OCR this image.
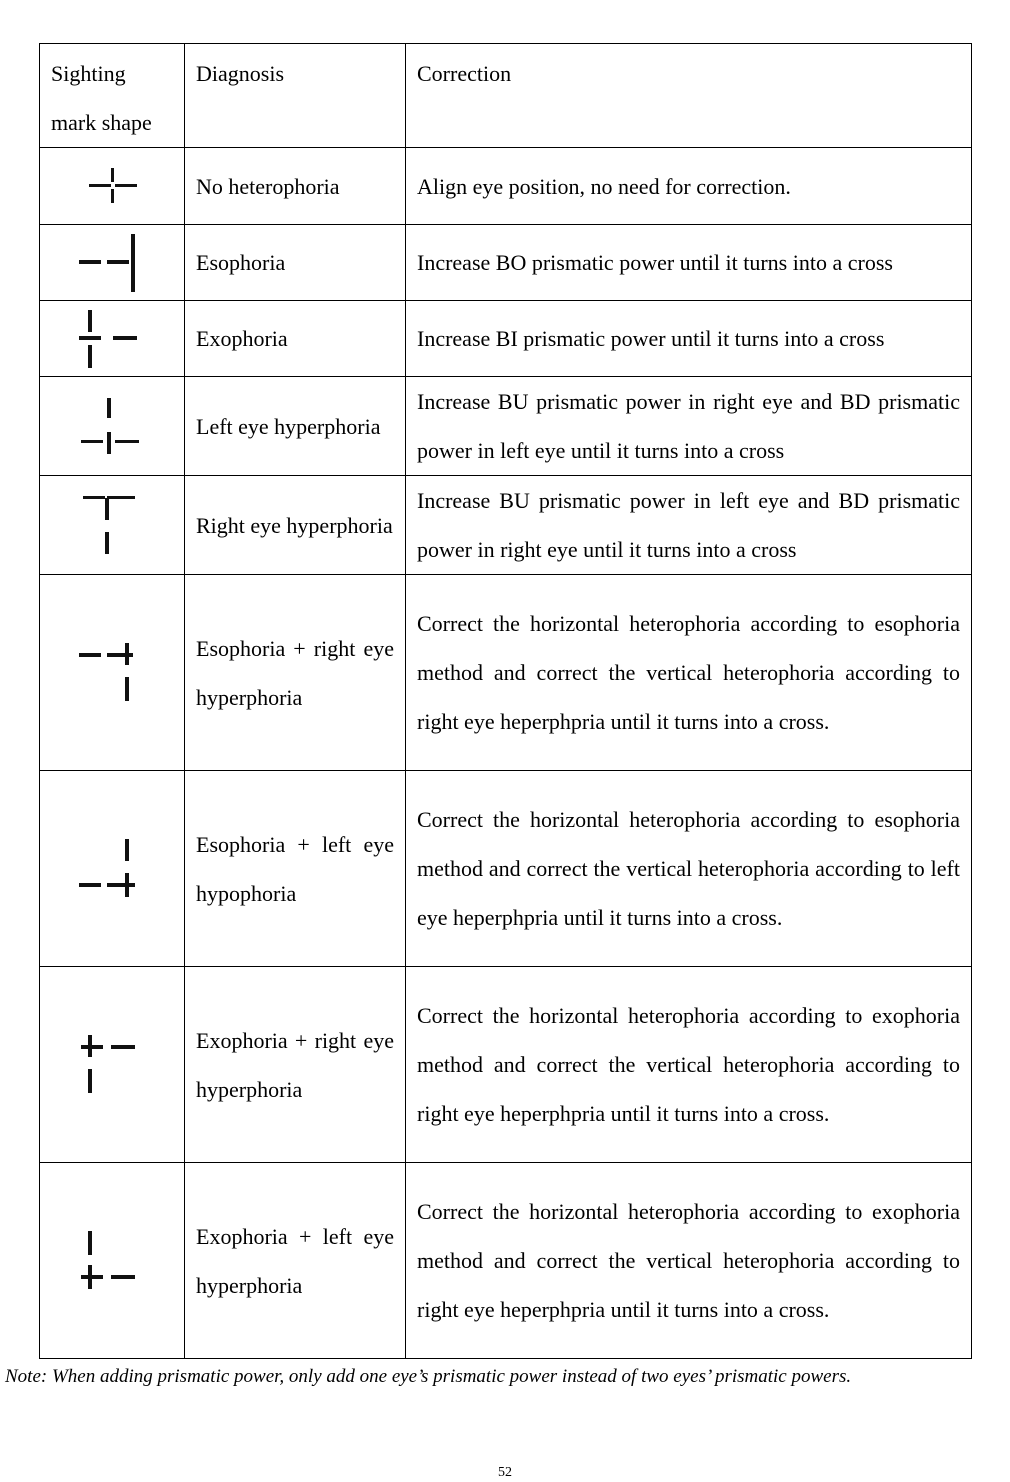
Sighting mark shape	Diagnosis	Correction

	No heterophoria	Align eye position, no need for correction.

	Esophoria	Increase BO prismatic power until it turns into a cross

	Exophoria	Increase BI prismatic power until it turns into a cross

	Left eye hyperphoria	Increase BU prismatic power in right eye and BD prismatic power in left eye until it turns into a cross

	Right eye hyperphoria	Increase BU prismatic power in left eye and BD prismatic power in right eye until it turns into a cross

	Esophoria + right eye hyperphoria	Correct the horizontal heterophoria according to esophoria method and correct the vertical heterophoria according to right eye heperphpria until it turns into a cross.

	Esophoria + left eye hypophoria	Correct the horizontal heterophoria according to esophoria method and correct the vertical heterophoria according to left eye heperphpria until it turns into a cross.

	Exophoria + right eye hyperphoria	Correct the horizontal heterophoria according to exophoria method and correct the vertical heterophoria according to right eye heperphpria until it turns into a cross.

	Exophoria + left eye hyperphoria	Correct the horizontal heterophoria according to exophoria method and correct the vertical heterophoria according to right eye heperphpria until it turns into a cross.
Note: When adding prismatic power, only add one eye’s prismatic power instead of two eyes’ prismatic powers.
52
